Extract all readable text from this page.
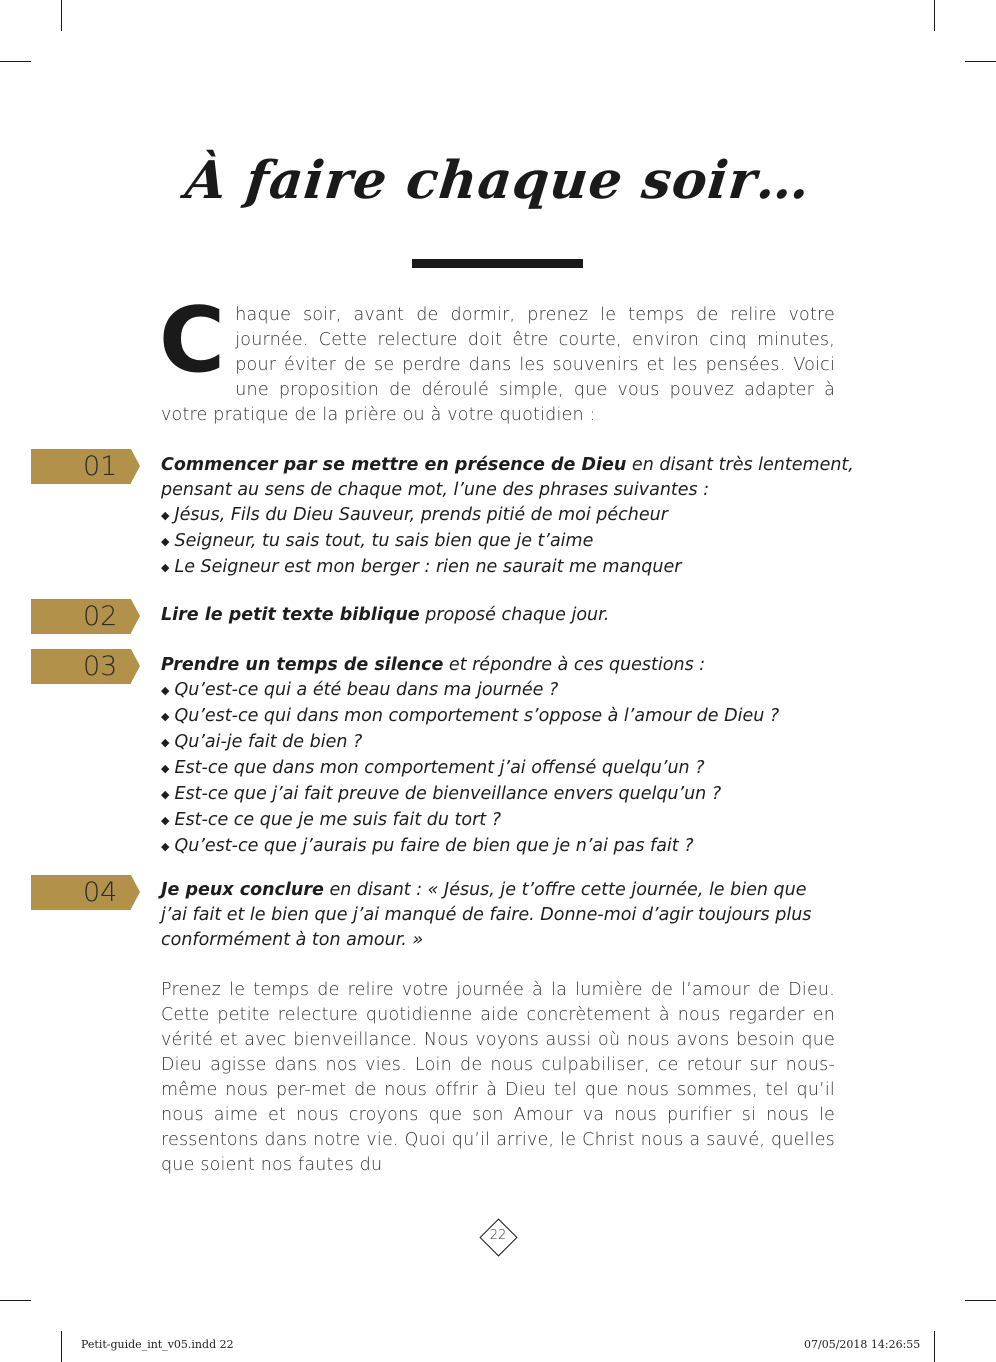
À faire chaque soir…
Chaque soir, avant de dormir, prenez le temps de relire votre journée. Cette relecture doit être courte, environ cinq minutes, pour éviter de se perdre dans les souvenirs et les pensées. Voici une proposition de déroulé simple, que vous pouvez adapter à votre pratique de la prière ou à votre quotidien :
01	Commencer par se mettre en présence de Dieu en disant très lentement,
pensant au sens de chaque mot, l’une des phrases suivantes :
◆ Jésus, Fils du Dieu Sauveur, prends pitié de moi pécheur
◆ Seigneur, tu sais tout, tu sais bien que je t’aime
◆ Le Seigneur est mon berger : rien ne saurait me manquer
02	Lire le petit texte biblique proposé chaque jour.
03	Prendre un temps de silence et répondre à ces questions :
◆ Qu’est-ce qui a été beau dans ma journée ?
◆ Qu’est-ce qui dans mon comportement s’oppose à l’amour de Dieu ?
◆ Qu’ai-je fait de bien ?
◆ Est-ce que dans mon comportement j’ai offensé quelqu’un ?
◆ Est-ce que j’ai fait preuve de bienveillance envers quelqu’un ?
◆ Est-ce ce que je me suis fait du tort ?
◆ Qu’est-ce que j’aurais pu faire de bien que je n’ai pas fait ?
04	Je peux conclure en disant : « Jésus, je t’offre cette journée, le bien que
j’ai fait et le bien que j’ai manqué de faire. Donne-moi d’agir toujours plus
conformément à ton amour. »
Prenez le temps de relire votre journée à la lumière de l’amour de Dieu. Cette petite relecture quotidienne aide concrètement à nous regarder en vérité et avec bienveillance. Nous voyons aussi où nous avons besoin que Dieu agisse dans nos vies. Loin de nous culpabiliser, ce retour sur nous-même nous per-met de nous offrir à Dieu tel que nous sommes, tel qu’il nous aime et nous croyons que son Amour va nous purifier si nous le ressentons dans notre vie. Quoi qu’il arrive, le Christ nous a sauvé, quelles que soient nos fautes du
22
Petit-guide_int_v05.indd 22	07/05/2018 14:26:55
